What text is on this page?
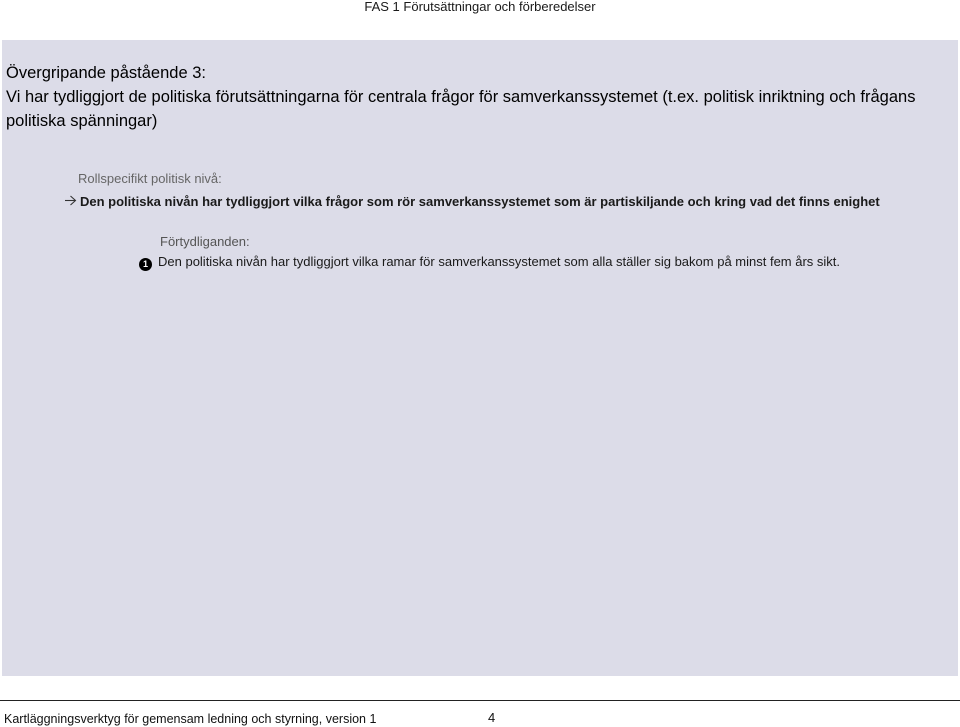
FAS 1 Förutsättningar och förberedelser
Övergripande påstående 3:
Vi har tydliggjort de politiska förutsättningarna för centrala frågor för samverkanssystemet (t.ex. politisk inriktning och frågans politiska spänningar)
Rollspecifikt politisk nivå:
Den politiska nivån har tydliggjort vilka frågor som rör samverkanssystemet som är partiskiljande och kring vad det finns enighet
Förtydliganden:
1 Den politiska nivån har tydliggjort vilka ramar för samverkanssystemet som alla ställer sig bakom på minst fem års sikt.
Kartläggningsverktyg för gemensam ledning och styrning, version 1	4
